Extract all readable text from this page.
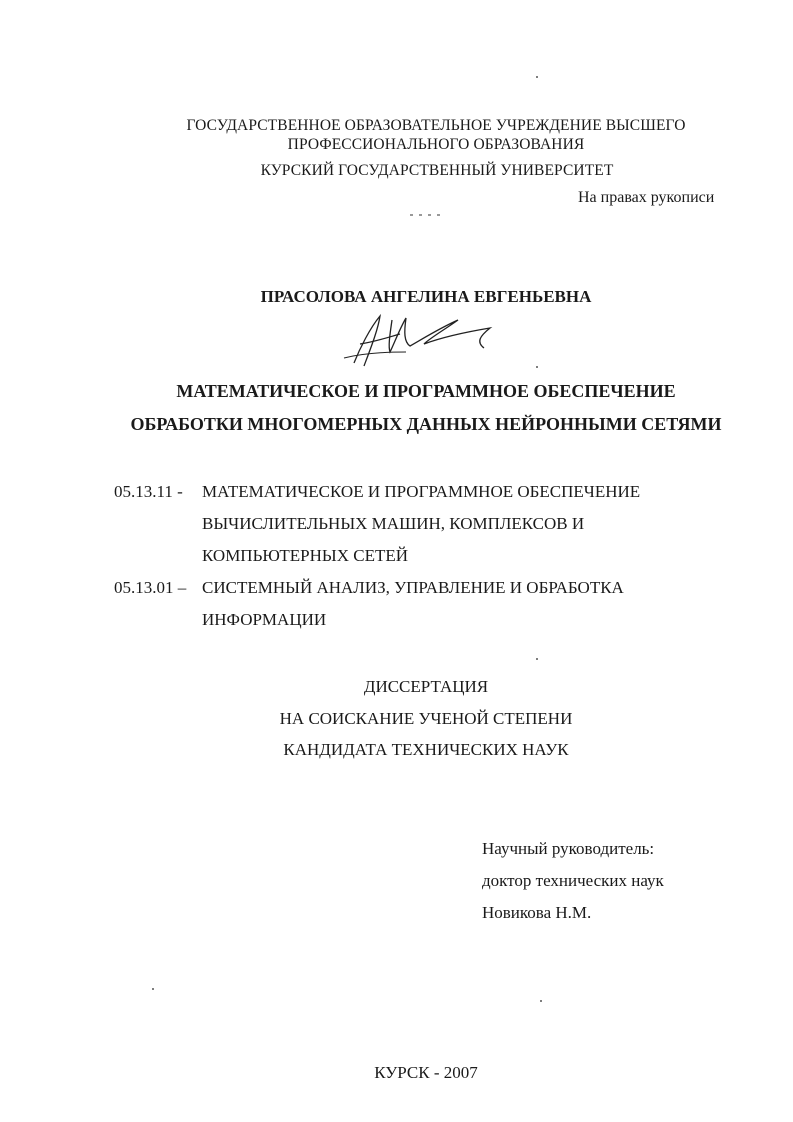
ГОСУДАРСТВЕННОЕ ОБРАЗОВАТЕЛЬНОЕ УЧРЕЖДЕНИЕ ВЫСШЕГО
ПРОФЕССИОНАЛЬНОГО ОБРАЗОВАНИЯ
КУРСКИЙ ГОСУДАРСТВЕННЫЙ УНИВЕРСИТЕТ
На правах рукописи
ПРАСОЛОВА АНГЕЛИНА ЕВГЕНЬЕВНА
МАТЕМАТИЧЕСКОЕ И ПРОГРАММНОЕ ОБЕСПЕЧЕНИЕ
ОБРАБОТКИ МНОГОМЕРНЫХ ДАННЫХ НЕЙРОННЫМИ СЕТЯМИ
05.13.11 - МАТЕМАТИЧЕСКОЕ И ПРОГРАММНОЕ ОБЕСПЕЧЕНИЕ
ВЫЧИСЛИТЕЛЬНЫХ МАШИН, КОМПЛЕКСОВ И
КОМПЬЮТЕРНЫХ СЕТЕЙ
05.13.01 – СИСТЕМНЫЙ АНАЛИЗ, УПРАВЛЕНИЕ И ОБРАБОТКА
ИНФОРМАЦИИ
ДИССЕРТАЦИЯ
НА СОИСКАНИЕ УЧЕНОЙ СТЕПЕНИ
КАНДИДАТА ТЕХНИЧЕСКИХ НАУК
Научный руководитель:
доктор технических наук
Новикова Н.М.
КУРСК - 2007
